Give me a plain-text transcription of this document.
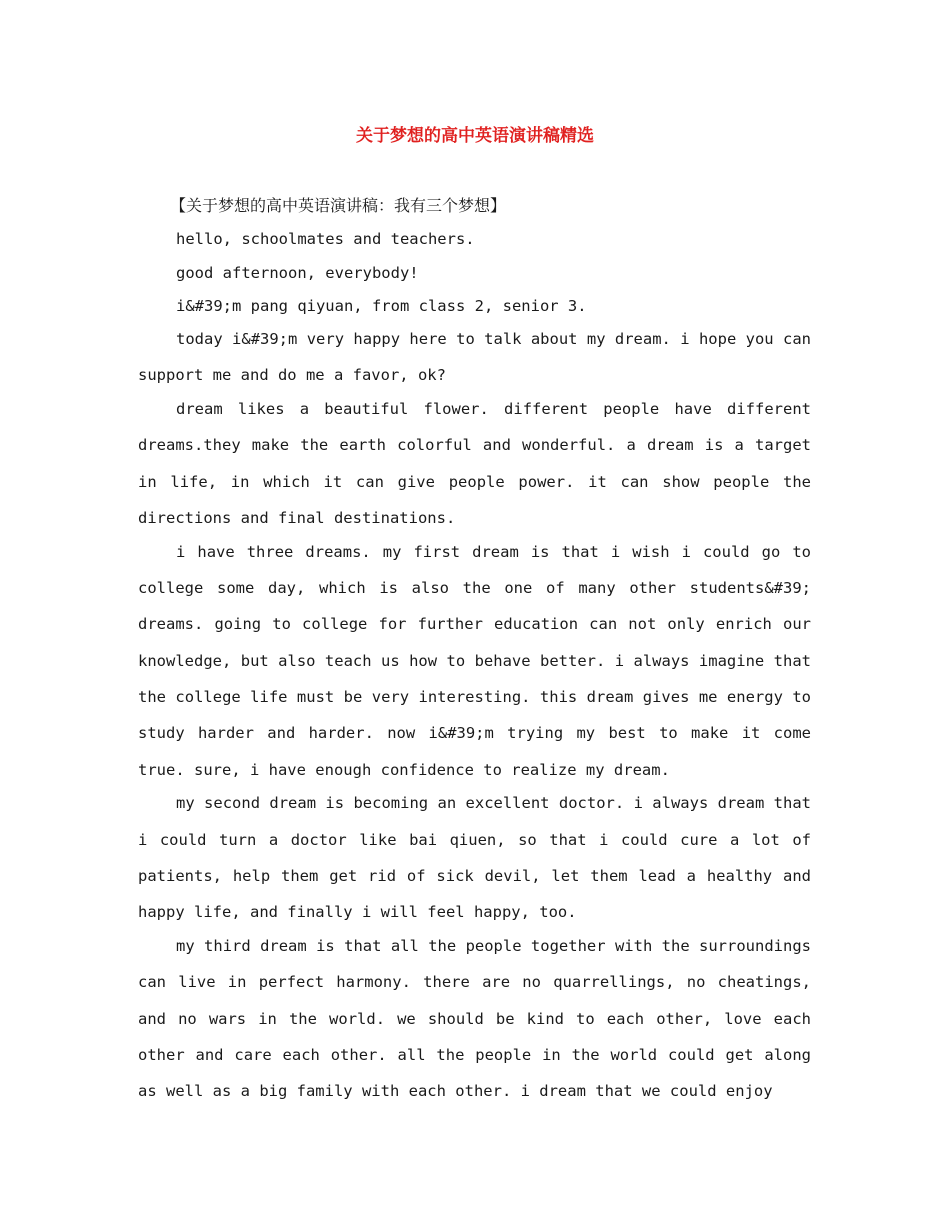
关于梦想的高中英语演讲稿精选

【关于梦想的高中英语演讲稿：我有三个梦想】

hello, schoolmates and teachers.

good afternoon, everybody!

i&#39;m pang qiyuan, from class 2, senior 3.

today i&#39;m very happy here to talk about my dream. i hope you can support me and do me a favor, ok?

dream likes a beautiful flower. different people have different dreams.they make the earth colorful and wonderful. a dream is a target in life, in which it can give people power. it can show people the directions and final destinations.

i have three dreams. my first dream is that i wish i could go to college some day, which is also the one of many other students&#39; dreams. going to college for further education can not only enrich our knowledge, but also teach us how to behave better. i always imagine that the college life must be very interesting. this dream gives me energy to study harder and harder. now i&#39;m trying my best to make it come true. sure, i have enough confidence to realize my dream.

my second dream is becoming an excellent doctor. i always dream that i could turn a doctor like bai qiuen, so that i could cure a lot of patients, help them get rid of sick devil, let them lead a healthy and happy life, and finally i will feel happy, too.

my third dream is that all the people together with the surroundings can live in perfect harmony. there are no quarrellings, no cheatings, and no wars in the world. we should be kind to each other, love each other and care each other. all the people in the world could get along as well as a big family with each other. i dream that we could enjoy
